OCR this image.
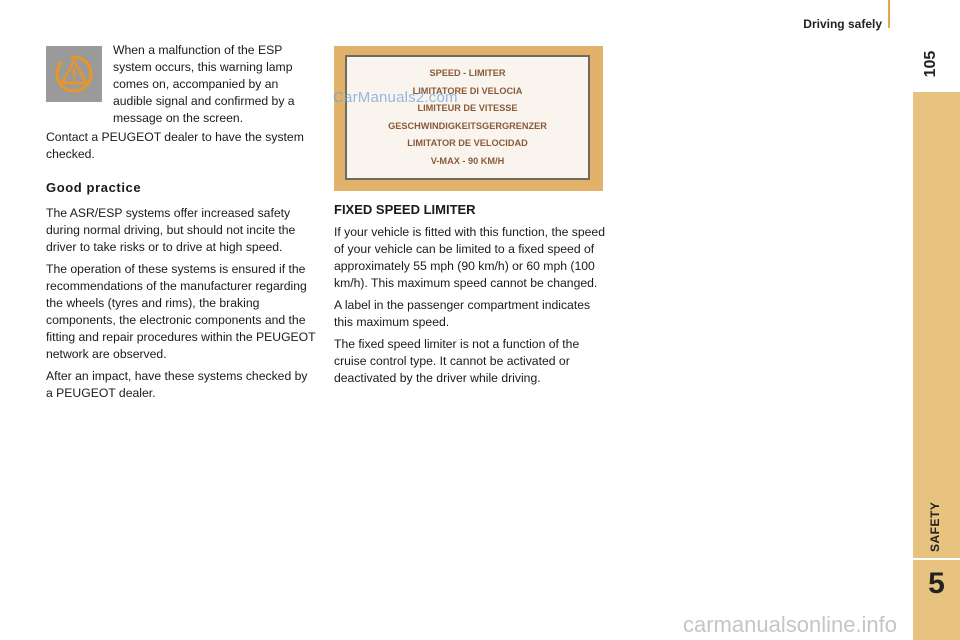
Driving safely
105
SAFETY
5

When a malfunction of the ESP system occurs, this warning lamp comes on, accompanied by an audible signal and confirmed by a message on the screen.

Contact a PEUGEOT dealer to have the system checked.

Good practice

The ASR/ESP systems offer increased safety during normal driving, but should not incite the driver to take risks or to drive at high speed.

The operation of these systems is ensured if the recommendations of the manufacturer regarding the wheels (tyres and rims), the braking components, the electronic components and the fitting and repair procedures within the PEUGEOT network are observed.

After an impact, have these systems checked by a PEUGEOT dealer.

SPEED - LIMITER
LIMITATORE DI VELOCIA
LIMITEUR DE VITESSE
GESCHWINDIGKEITSGERGRENZER
LIMITATOR DE VELOCIDAD
V-MAX - 90 KM/H
CarManuals2.com
FIXED SPEED LIMITER

If your vehicle is fitted with this function, the speed of your vehicle can be limited to a fixed speed of approximately 55 mph (90 km/h) or 60 mph (100 km/h). This maximum speed cannot be changed.

A label in the passenger compartment indicates this maximum speed.

The fixed speed limiter is not a function of the cruise control type. It cannot be activated or deactivated by the driver while driving.

carmanualsonline.info
